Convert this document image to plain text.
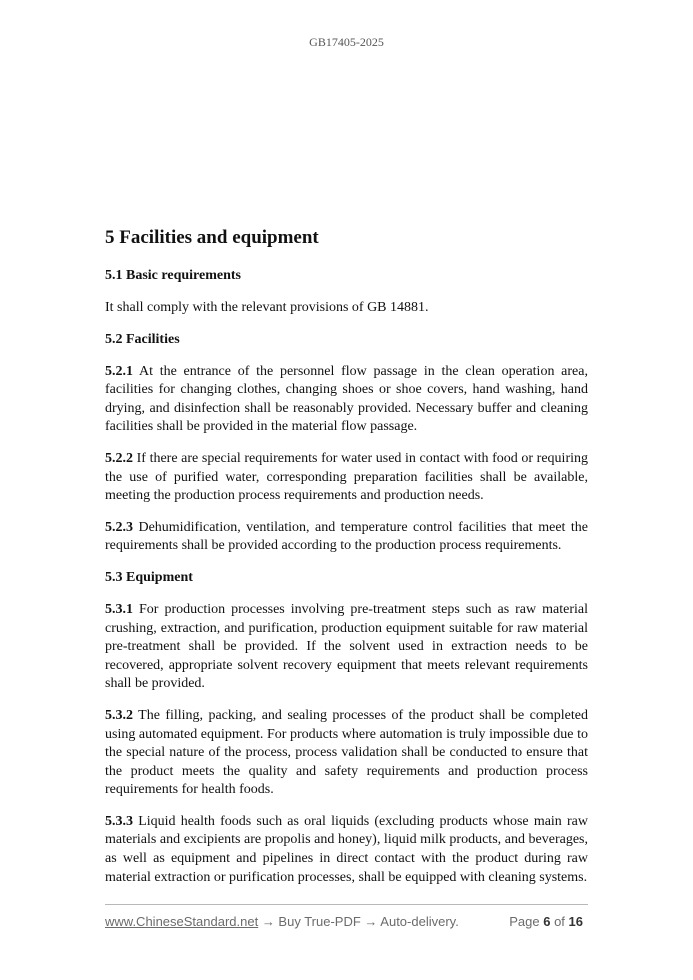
GB17405-2025
5 Facilities and equipment
5.1 Basic requirements

It shall comply with the relevant provisions of GB 14881.

5.2 Facilities

5.2.1 At the entrance of the personnel flow passage in the clean operation area, facilities for changing clothes, changing shoes or shoe covers, hand washing, hand drying, and disinfection shall be reasonably provided. Necessary buffer and cleaning facilities shall be provided in the material flow passage.

5.2.2 If there are special requirements for water used in contact with food or requiring the use of purified water, corresponding preparation facilities shall be available, meeting the production process requirements and production needs.

5.2.3 Dehumidification, ventilation, and temperature control facilities that meet the requirements shall be provided according to the production process requirements.

5.3 Equipment

5.3.1 For production processes involving pre-treatment steps such as raw material crushing, extraction, and purification, production equipment suitable for raw material pre-treatment shall be provided. If the solvent used in extraction needs to be recovered, appropriate solvent recovery equipment that meets relevant requirements shall be provided.

5.3.2 The filling, packing, and sealing processes of the product shall be completed using automated equipment. For products where automation is truly impossible due to the special nature of the process, process validation shall be conducted to ensure that the product meets the quality and safety requirements and production process requirements for health foods.

5.3.3 Liquid health foods such as oral liquids (excluding products whose main raw materials and excipients are propolis and honey), liquid milk products, and beverages, as well as equipment and pipelines in direct contact with the product during raw material extraction or purification processes, shall be equipped with cleaning systems.

www.ChineseStandard.net → Buy True-PDF → Auto-delivery.	Page 6 of 16
